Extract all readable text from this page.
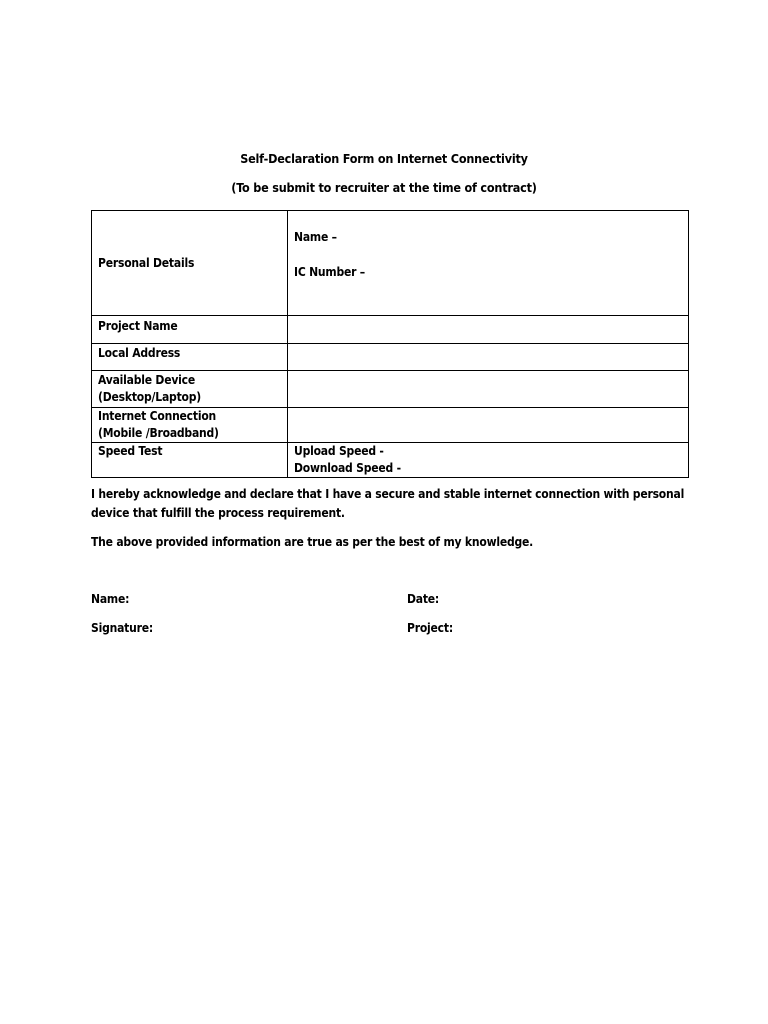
Self-Declaration Form on Internet Connectivity
(To be submit to recruiter at the time of contract)
Personal Details	Name –
IC Number –

Project Name	
Local Address	

Available Device
(Desktop/Laptop)	

Internet Connection
(Mobile /Broadband)	

Speed Test	Upload Speed -
Download Speed -
I hereby acknowledge and declare that I have a secure and stable internet connection with personal
device that fulfill the process requirement.
The above provided information are true as per the best of my knowledge.
Name:	Date:
Signature:	Project:
